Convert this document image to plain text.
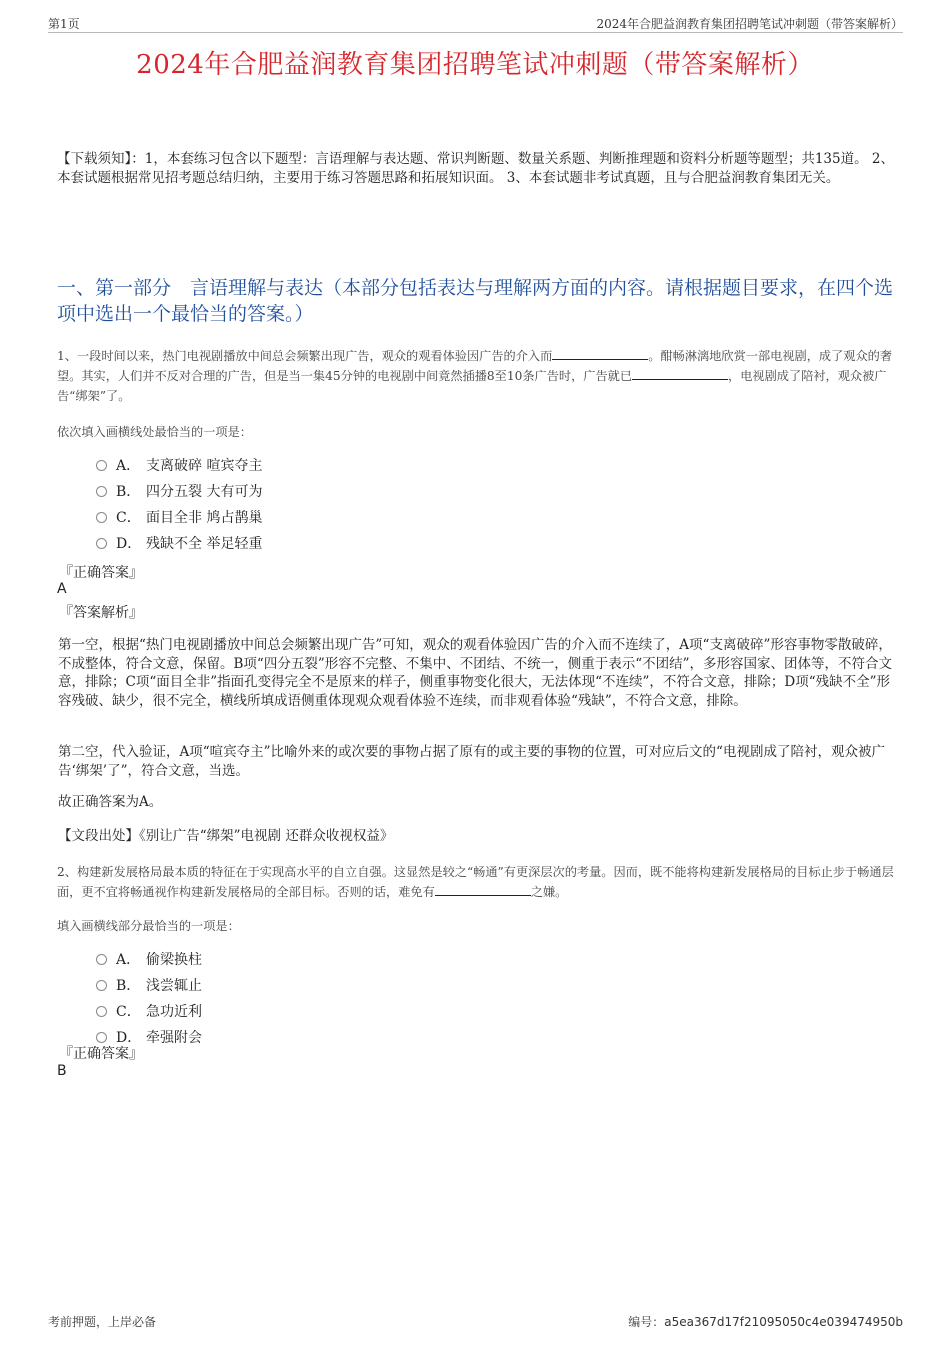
第1页	2024年合肥益润教育集团招聘笔试冲刺题（带答案解析）
2024年合肥益润教育集团招聘笔试冲刺题（带答案解析）
【下载须知】：1，本套练习包含以下题型：言语理解与表达题、常识判断题、数量关系题、判断推理题和资料分析题等题型；共135道。 2、本套试题根据常见招考题总结归纳，主要用于练习答题思路和拓展知识面。 3、本套试题非考试真题，且与合肥益润教育集团无关。
一、第一部分　言语理解与表达（本部分包括表达与理解两方面的内容。请根据题目要求，在四个选项中选出一个最恰当的答案。）
1、一段时间以来，热门电视剧播放中间总会频繁出现广告，观众的观看体验因广告的介入而	。酣畅淋漓地欣赏一部电视剧，成了观众的奢望。其实，人们并不反对合理的广告，但是当一集45分钟的电视剧中间竟然插播8至10条广告时，广告就已	，电视剧成了陪衬，观众被广告“绑架”了。
依次填入画横线处最恰当的一项是：
A． 支离破碎 喧宾夺主
B． 四分五裂 大有可为
C． 面目全非 鸠占鹊巢
D． 残缺不全 举足轻重
『正确答案』
A
『答案解析』
第一空，根据“热门电视剧播放中间总会频繁出现广告”可知，观众的观看体验因广告的介入而不连续了，A项“支离破碎”形容事物零散破碎，不成整体，符合文意，保留。B项“四分五裂”形容不完整、不集中、不团结、不统一，侧重于表示“不团结”，多形容国家、团体等，不符合文意，排除；C项“面目全非”指面孔变得完全不是原来的样子，侧重事物变化很大，无法体现“不连续”，不符合文意，排除；D项“残缺不全”形容残破、缺少，很不完全，横线所填成语侧重体现观众观看体验不连续，而非观看体验“残缺”，不符合文意，排除。
第二空，代入验证，A项“喧宾夺主”比喻外来的或次要的事物占据了原有的或主要的事物的位置，可对应后文的“电视剧成了陪衬，观众被广告‘绑架’了”，符合文意，当选。
故正确答案为A。
【文段出处】《别让广告“绑架”电视剧 还群众收视权益》
2、构建新发展格局最本质的特征在于实现高水平的自立自强。这显然是较之“畅通”有更深层次的考量。因而，既不能将构建新发展格局的目标止步于畅通层面，更不宜将畅通视作构建新发展格局的全部目标。否则的话，难免有	之嫌。
填入画横线部分最恰当的一项是：
A． 偷梁换柱
B． 浅尝辄止
C． 急功近利
D． 牵强附会
『正确答案』
B
考前押题，上岸必备	编号：a5ea367d17f21095050c4e039474950b
